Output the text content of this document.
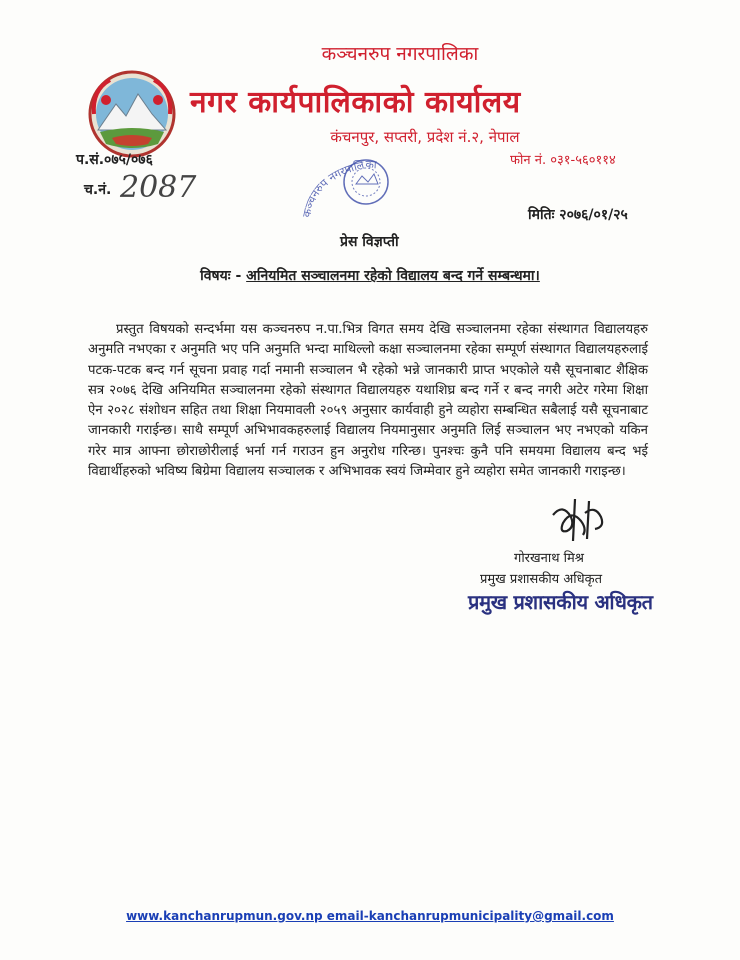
कञ्चनरुप नगरपालिका
नगर कार्यपालिकाको कार्यालय
कंचनपुर, सप्तरी, प्रदेश नं.२, नेपाल
प.सं.०७५/०७६	फोन नं. ०३१-५६०११४
च.नं. 2087
मितिः २०७६/०१/२५
कञ्चनरुप नगरपालिका
प्रेस विज्ञप्ती
विषयः - अनियमित सञ्चालनमा रहेको विद्यालय बन्द गर्ने सम्बन्धमा।
प्रस्तुत विषयको सन्दर्भमा यस कञ्चनरुप न.पा.भित्र विगत समय देखि सञ्चालनमा रहेका संस्थागत विद्यालयहरु अनुमति नभएका र अनुमति भए पनि अनुमति भन्दा माथिल्लो कक्षा सञ्चालनमा रहेका सम्पूर्ण संस्थागत विद्यालयहरुलाई पटक-पटक बन्द गर्न सूचना प्रवाह गर्दा नमानी सञ्चालन भै रहेको भन्ने जानकारी प्राप्त भएकोले यसै सूचनाबाट शैक्षिक सत्र २०७६ देखि अनियमित सञ्चालनमा रहेको संस्थागत विद्यालयहरु यथाशिघ्र बन्द गर्ने र बन्द नगरी अटेर गरेमा शिक्षा ऐन २०२८ संशोधन सहित तथा शिक्षा नियमावली २०५९ अनुसार कार्यवाही हुने व्यहोरा सम्बन्धित सबैलाई यसै सूचनाबाट जानकारी गराईन्छ। साथै सम्पूर्ण अभिभावकहरुलाई विद्यालय नियमानुसार अनुमति लिई सञ्चालन भए नभएको यकिन गरेर मात्र आफ्ना छोराछोरीलाई भर्ना गर्न गराउन हुन अनुरोध गरिन्छ। पुनश्चः कुनै पनि समयमा विद्यालय बन्द भई विद्यार्थीहरुको भविष्य बिग्रेमा विद्यालय सञ्चालक र अभिभावक स्वयं जिम्मेवार हुने व्यहोरा समेत जानकारी गराइन्छ।
गोरखनाथ मिश्र
प्रमुख प्रशासकीय अधिकृत
प्रमुख प्रशासकीय अधिकृत
www.kanchanrupmun.gov.np email-kanchanrupmunicipality@gmail.com
